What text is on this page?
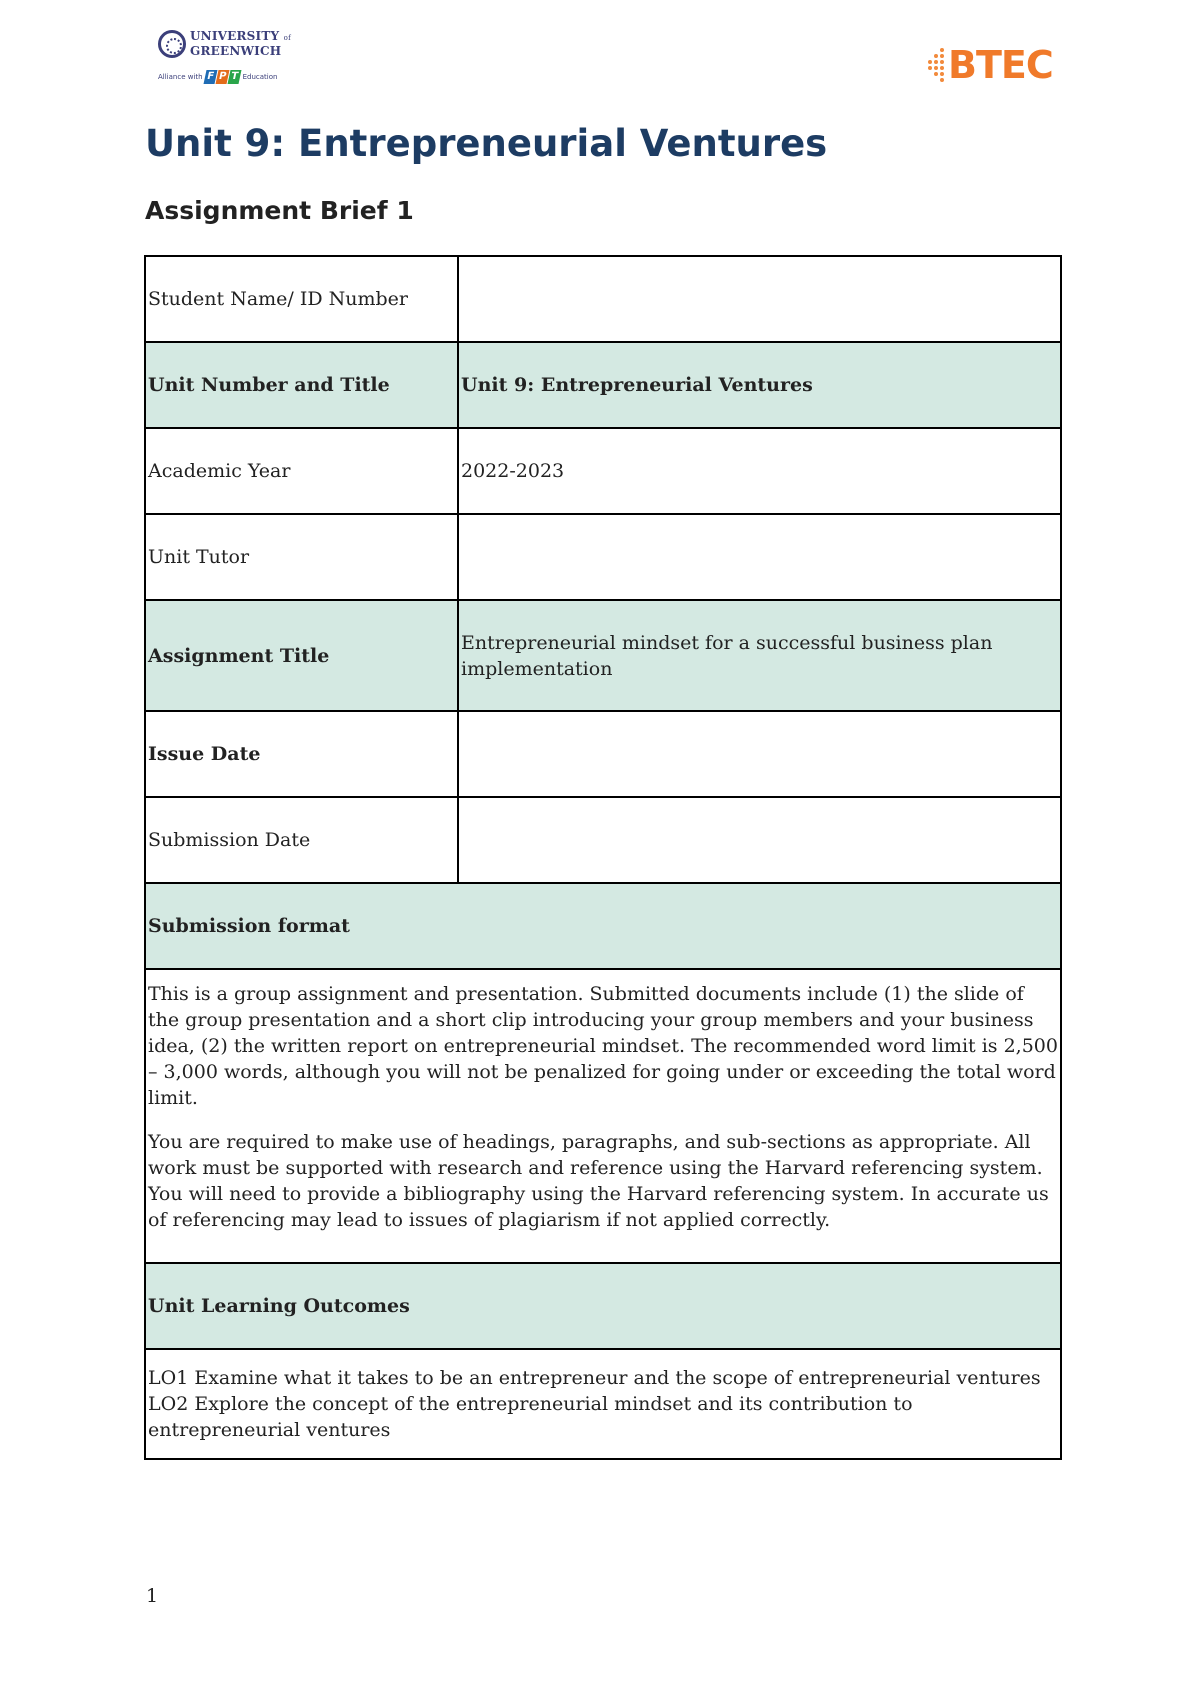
UNIVERSITY of
GREENWICH
Alliance with F P T Education	BTEC
Unit 9: Entrepreneurial Ventures
Assignment Brief 1
Student Name/ ID Number	
Unit Number and Title	Unit 9: Entrepreneurial Ventures
Academic Year	2022-2023
Unit Tutor	
Assignment Title	Entrepreneurial mindset for a successful business plan implementation
Issue Date	
Submission Date	
Submission format	

This is a group assignment and presentation. Submitted documents include (1) the slide of the group presentation and a short clip introducing your group members and your business idea, (2) the written report on entrepreneurial mindset. The recommended word limit is 2,500 – 3,000 words, although you will not be penalized for going under or exceeding the total word limit.

You are required to make use of headings, paragraphs, and sub-sections as appropriate. All work must be supported with research and reference using the Harvard referencing system. You will need to provide a bibliography using the Harvard referencing system. In accurate us of referencing may lead to issues of plagiarism if not applied correctly.	

Unit Learning Outcomes	

LO1 Examine what it takes to be an entrepreneur and the scope of entrepreneurial ventures
LO2 Explore the concept of the entrepreneurial mindset and its contribution to entrepreneurial ventures	
1
